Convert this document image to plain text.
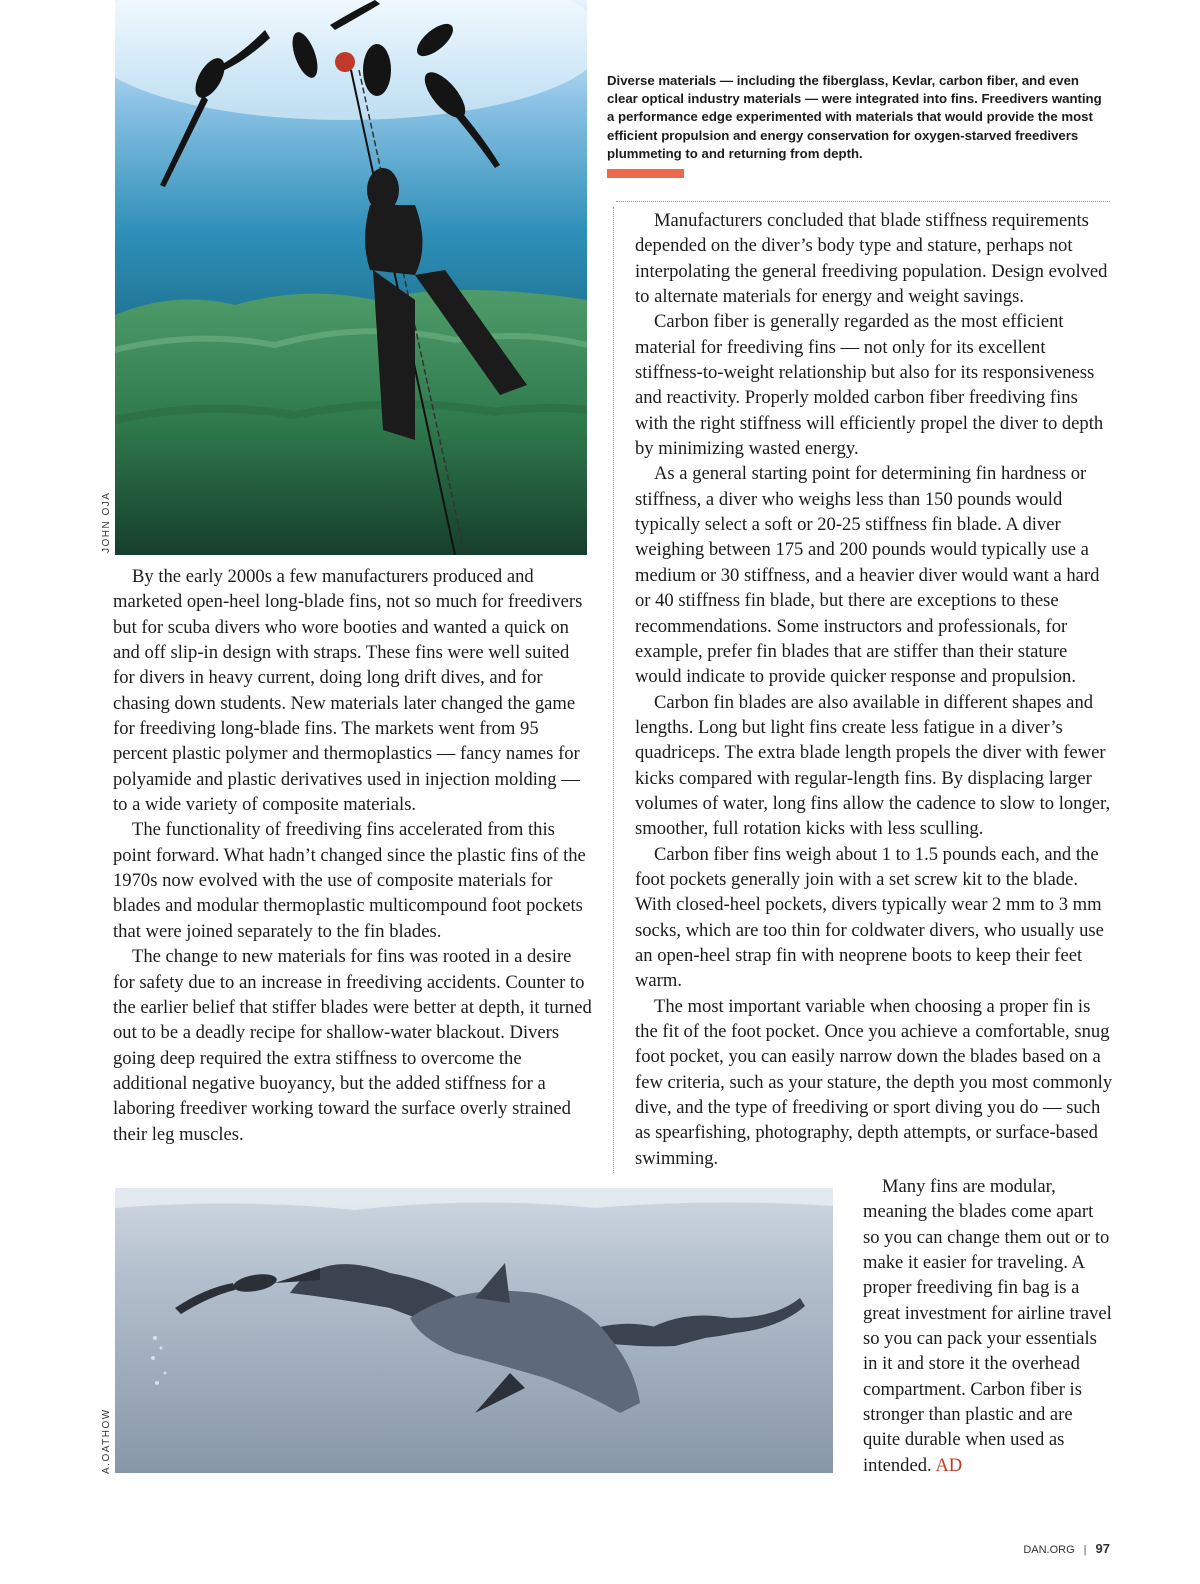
JOHN OJA
Diverse materials — including the fiberglass, Kevlar, carbon fiber, and even clear optical industry materials — were integrated into fins. Freedivers wanting a performance edge experimented with materials that would provide the most efficient propulsion and energy conservation for oxygen-starved freedivers plummeting to and returning from depth.

By the early 2000s a few manufacturers produced and marketed open-heel long-blade fins, not so much for freedivers but for scuba divers who wore booties and wanted a quick on and off slip-in design with straps. These fins were well suited for divers in heavy current, doing long drift dives, and for chasing down students. New materials later changed the game for freediving long-blade fins. The markets went from 95 percent plastic polymer and thermoplastics — fancy names for polyamide and plastic derivatives used in injection molding — to a wide variety of composite materials.

The functionality of freediving fins accelerated from this point forward. What hadn’t changed since the plastic fins of the 1970s now evolved with the use of composite materials for blades and modular thermoplastic multicompound foot pockets that were joined separately to the fin blades.

The change to new materials for fins was rooted in a desire for safety due to an increase in freediving accidents. Counter to the earlier belief that stiffer blades were better at depth, it turned out to be a deadly recipe for shallow-water blackout. Divers going deep required the extra stiffness to overcome the additional negative buoyancy, but the added stiffness for a laboring freediver working toward the surface overly strained their leg muscles.

Manufacturers concluded that blade stiffness requirements depended on the diver’s body type and stature, perhaps not interpolating the general freediving population. Design evolved to alternate materials for energy and weight savings.

Carbon fiber is generally regarded as the most efficient material for freediving fins — not only for its excellent stiffness-to-weight relationship but also for its responsiveness and reactivity. Properly molded carbon fiber freediving fins with the right stiffness will efficiently propel the diver to depth by minimizing wasted energy.

As a general starting point for determining fin hardness or stiffness, a diver who weighs less than 150 pounds would typically select a soft or 20-25 stiffness fin blade. A diver weighing between 175 and 200 pounds would typically use a medium or 30 stiffness, and a heavier diver would want a hard or 40 stiffness fin blade, but there are exceptions to these recommendations. Some instructors and professionals, for example, prefer fin blades that are stiffer than their stature would indicate to provide quicker response and propulsion.

Carbon fin blades are also available in different shapes and lengths. Long but light fins create less fatigue in a diver’s quadriceps. The extra blade length propels the diver with fewer kicks compared with regular-length fins. By displacing larger volumes of water, long fins allow the cadence to slow to longer, smoother, full rotation kicks with less sculling.

Carbon fiber fins weigh about 1 to 1.5 pounds each, and the foot pockets generally join with a set screw kit to the blade. With closed-heel pockets, divers typically wear 2 mm to 3 mm socks, which are too thin for coldwater divers, who usually use an open-heel strap fin with neoprene boots to keep their feet warm.

The most important variable when choosing a proper fin is the fit of the foot pocket. Once you achieve a comfortable, snug foot pocket, you can easily narrow down the blades based on a few criteria, such as your stature, the depth you most commonly dive, and the type of freediving or sport diving you do — such as spearfishing, photography, depth attempts, or surface-based swimming.

A.OATHOW

Many fins are modular, meaning the blades come apart so you can change them out or to make it easier for traveling. A proper freediving fin bag is a great investment for airline travel so you can pack your essentials in it and store it the overhead compartment. Carbon fiber is stronger than plastic and are quite durable when used as intended. AD

DAN.ORG | 97
